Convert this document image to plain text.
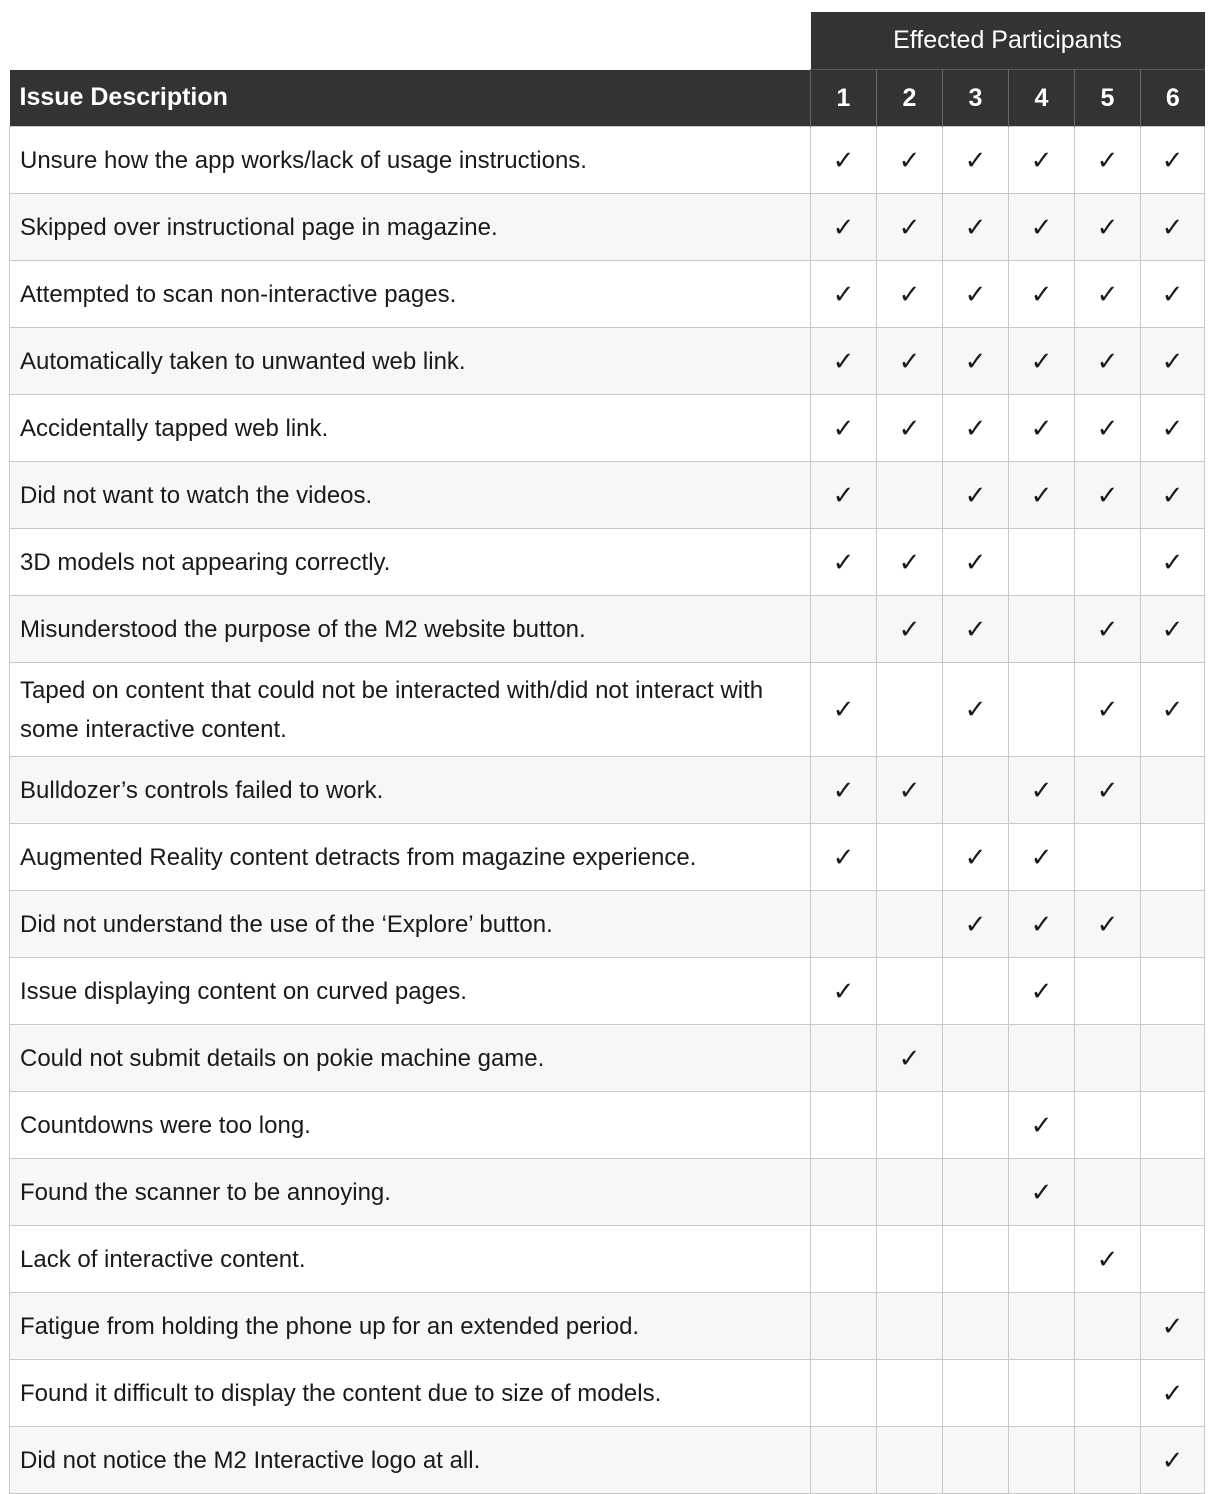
	Effected Participants					
Issue Description	1	2	3	4	5	6
Unsure how the app works/lack of usage instructions.	✓	✓	✓	✓	✓	✓
Skipped over instructional page in magazine.	✓	✓	✓	✓	✓	✓
Attempted to scan non-interactive pages.	✓	✓	✓	✓	✓	✓
Automatically taken to unwanted web link.	✓	✓	✓	✓	✓	✓
Accidentally tapped web link.	✓	✓	✓	✓	✓	✓
Did not want to watch the videos.	✓		✓	✓	✓	✓
3D models not appearing correctly.	✓	✓	✓			✓
Misunderstood the purpose of the M2 website button.		✓	✓		✓	✓
Taped on content that could not be interacted with/did not interact with some interactive content.	✓		✓		✓	✓
Bulldozer’s controls failed to work.	✓	✓		✓	✓	
Augmented Reality content detracts from magazine experience.	✓		✓	✓		
Did not understand the use of the ‘Explore’ button.			✓	✓	✓	
Issue displaying content on curved pages.	✓			✓		
Could not submit details on pokie machine game.		✓				
Countdowns were too long.				✓		
Found the scanner to be annoying.				✓		
Lack of interactive content.					✓	
Fatigue from holding the phone up for an extended period.						✓
Found it difficult to display the content due to size of models.						✓
Did not notice the M2 Interactive logo at all.						✓
